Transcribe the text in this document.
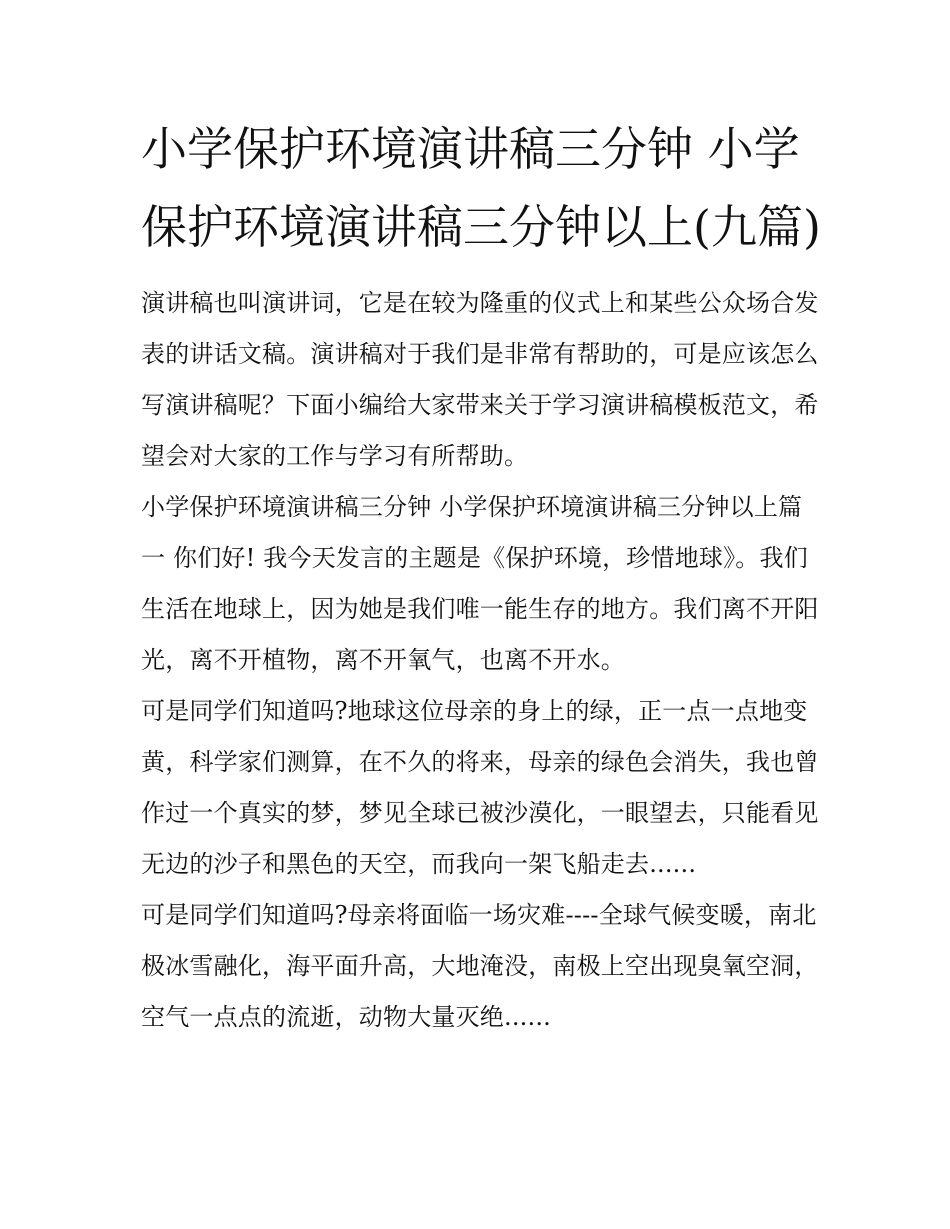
小学保护环境演讲稿三分钟 小学保护环境演讲稿三分钟以上(九篇)

演讲稿也叫演讲词，它是在较为隆重的仪式上和某些公众场合发表的讲话文稿。演讲稿对于我们是非常有帮助的，可是应该怎么写演讲稿呢？下面小编给大家带来关于学习演讲稿模板范文，希望会对大家的工作与学习有所帮助。

小学保护环境演讲稿三分钟 小学保护环境演讲稿三分钟以上篇一 你们好! 我今天发言的主题是《保护环境，珍惜地球》。我们生活在地球上，因为她是我们唯一能生存的地方。我们离不开阳光，离不开植物，离不开氧气，也离不开水。

可是同学们知道吗?地球这位母亲的身上的绿，正一点一点地变黄，科学家们测算，在不久的将来，母亲的绿色会消失，我也曾作过一个真实的梦，梦见全球已被沙漠化，一眼望去，只能看见无边的沙子和黑色的天空，而我向一架飞船走去......

可是同学们知道吗?母亲将面临一场灾难----全球气候变暖，南北极冰雪融化，海平面升高，大地淹没，南极上空出现臭氧空洞，空气一点点的流逝，动物大量灭绝......
